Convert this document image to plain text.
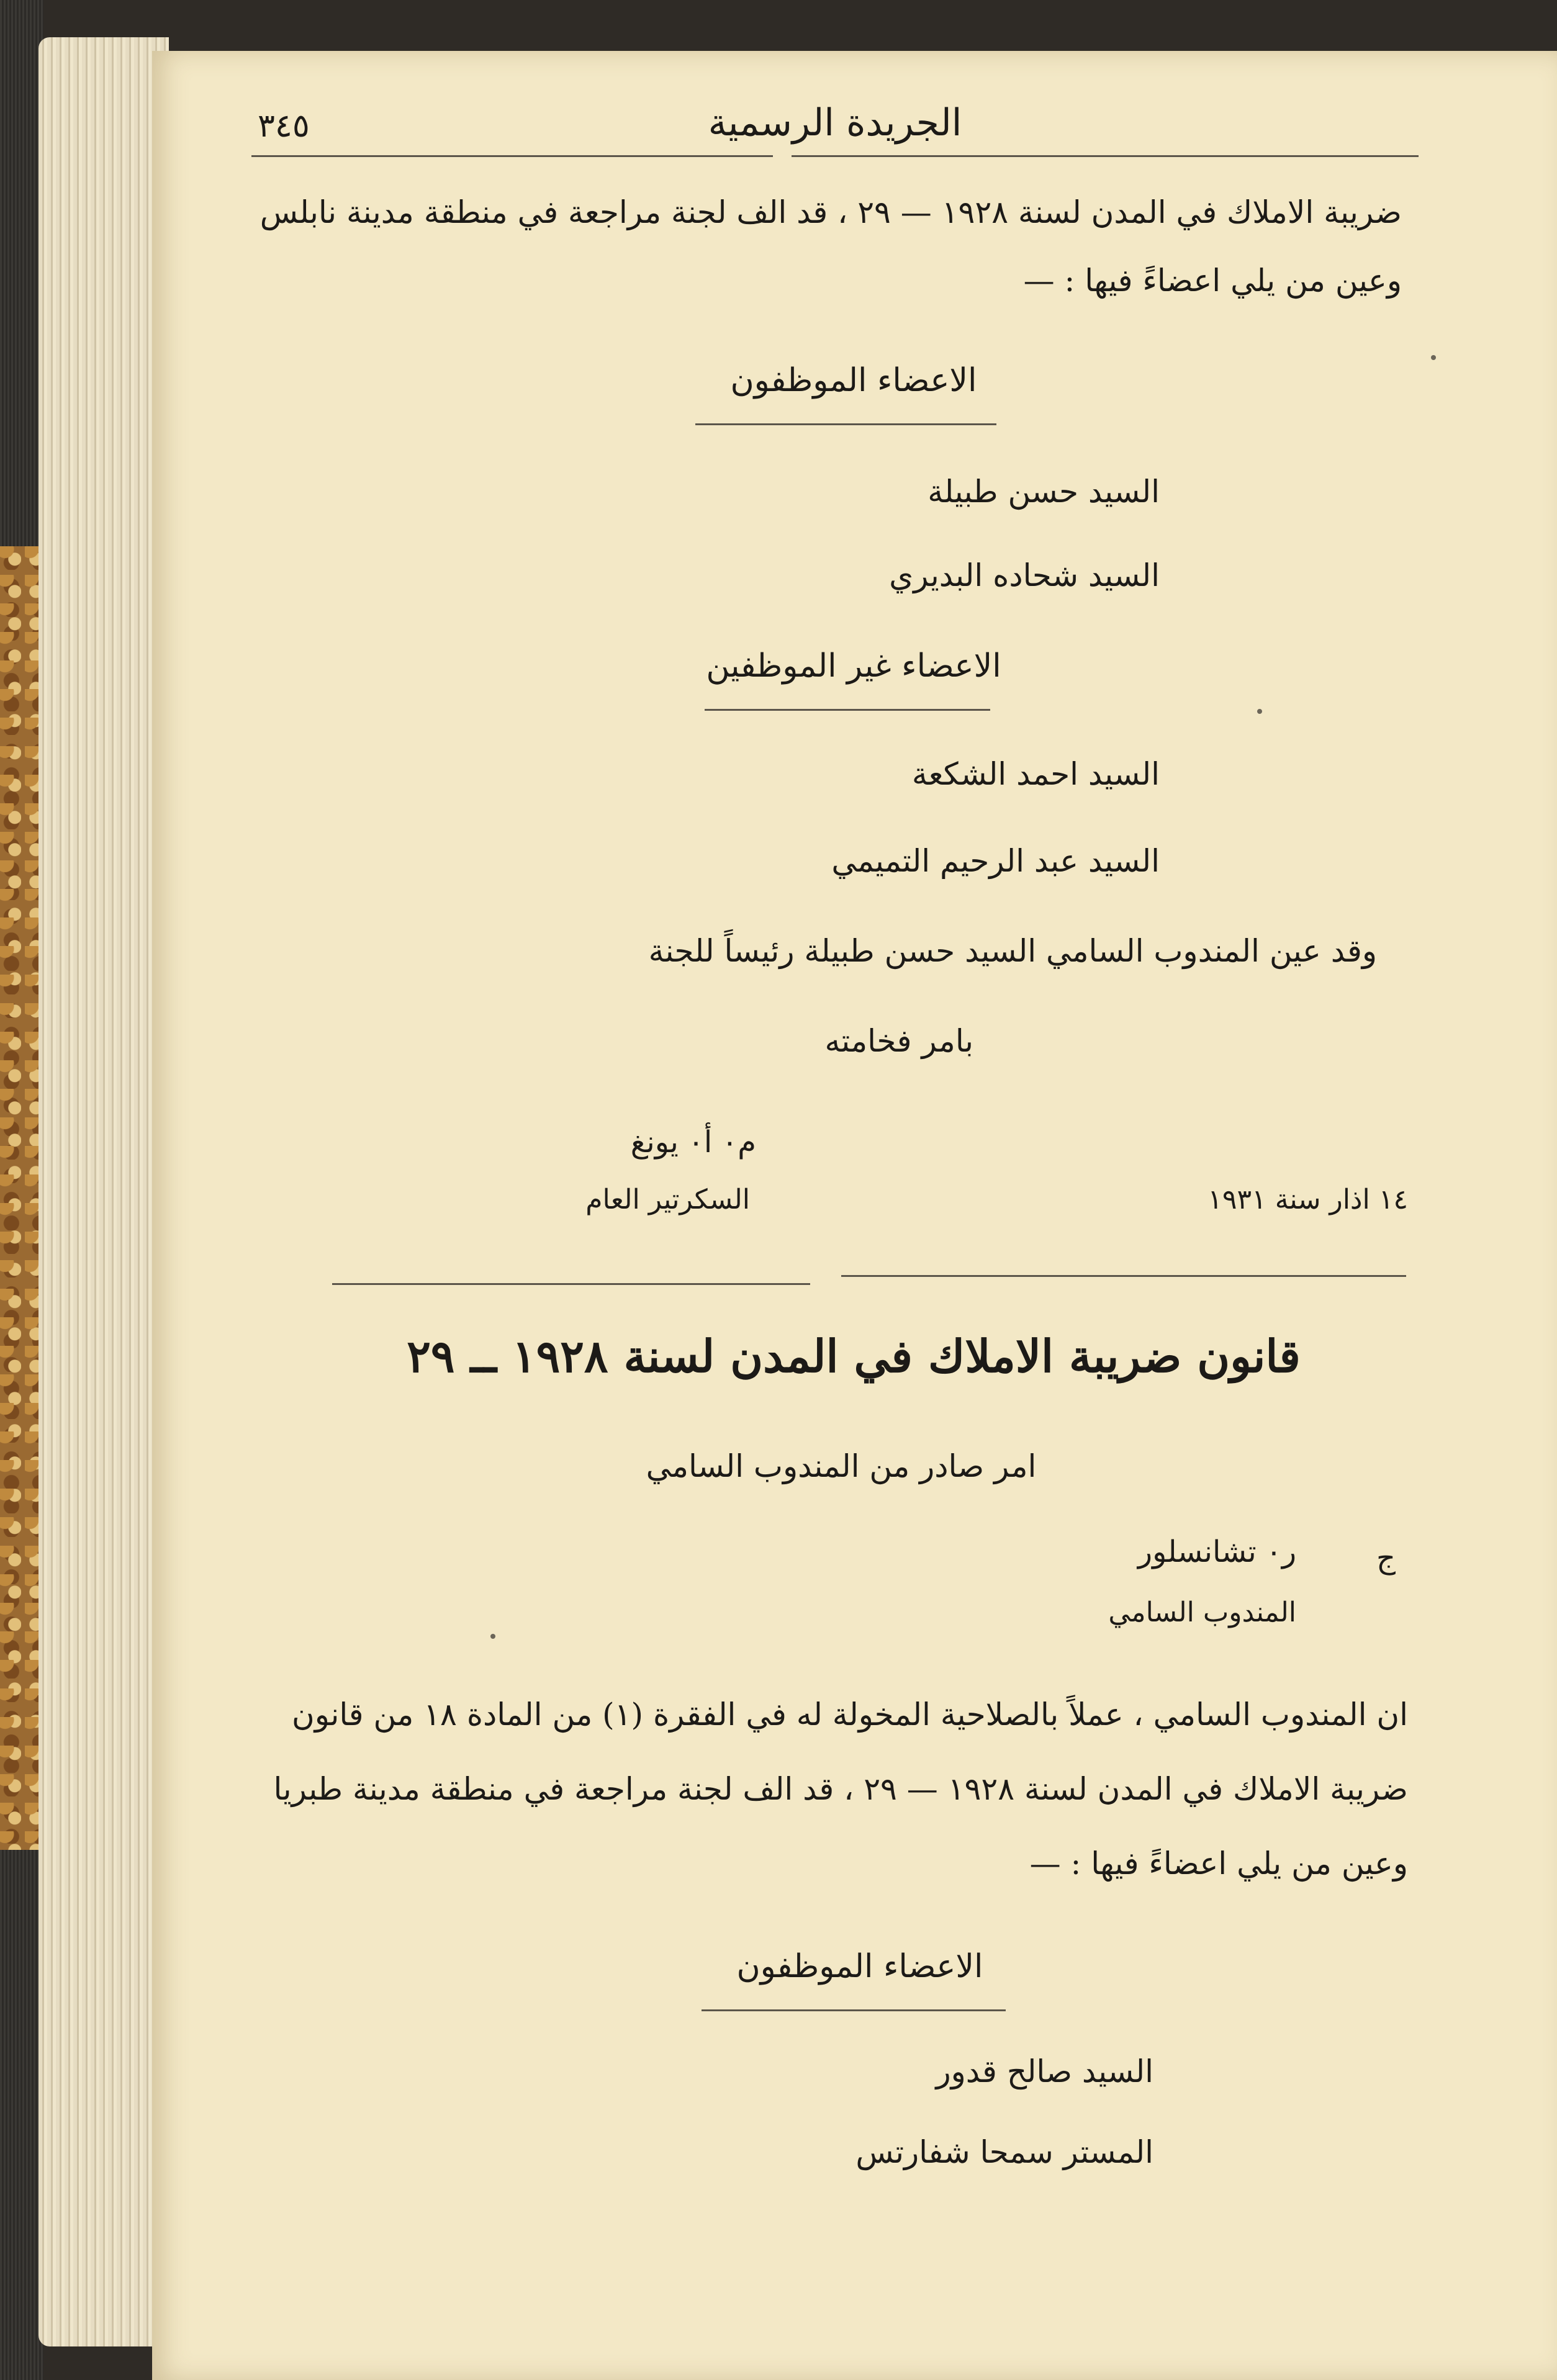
٣٤٥	الجريدة الرسمية
ضريبة الاملاك في المدن لسنة ١٩٢٨ — ٢٩ ، قد الف لجنة مراجعة في منطقة مدينة نابلس
وعين من يلي اعضاءً فيها : —
الاعضاء الموظفون
السيد حسن طبيلة
السيد شحاده البديري
الاعضاء غير الموظفين
السيد احمد الشكعة
السيد عبد الرحيم التميمي
وقد عين المندوب السامي السيد حسن طبيلة رئيساً للجنة
بامر فخامته
م٠ أ٠ يونغ
السكرتير العام	١٤ اذار سنة ١٩٣١
قانون ضريبة الاملاك في المدن لسنة ١٩٢٨ ــ ٢٩
امر صادر من المندوب السامي
ج
ر٠ تشانسلور
المندوب السامي
ان المندوب السامي ، عملاً بالصلاحية المخولة له في الفقرة (١) من المادة ١٨ من قانون
ضريبة الاملاك في المدن لسنة ١٩٢٨ — ٢٩ ، قد الف لجنة مراجعة في منطقة مدينة طبريا
وعين من يلي اعضاءً فيها : —
الاعضاء الموظفون
السيد صالح قدور
المستر سمحا شفارتس
